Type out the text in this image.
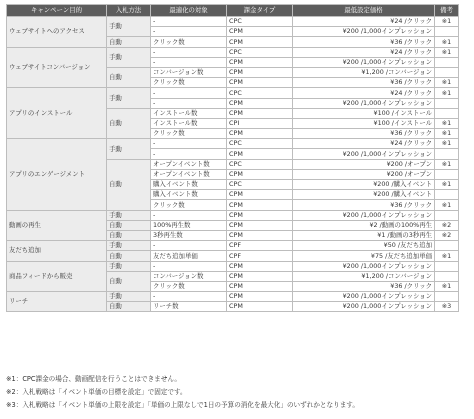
キャンペーン目的	入札方法	最適化の対象	課金タイプ	最低設定価格	備考
ウェブサイトへのアクセス	手動	-	CPC	¥24 /クリック	※1
		-	CPM	¥200 /1,000インプレッション	
	自動	クリック数	CPM	¥36 /クリック	※1
ウェブサイトコンバージョン	手動	-	CPC	¥24 /クリック	※1
		-	CPM	¥200 /1,000インプレッション	
	自動	コンバージョン数	CPM	¥1,200 /コンバージョン	
		クリック数	CPM	¥36 /クリック	※1
アプリのインストール	手動	-	CPC	¥24 /クリック	※1
		-	CPM	¥200 /1,000インプレッション	
	自動	インストール数	CPM	¥100 /インストール	
		インストール数	CPI	¥100 /インストール	※1
		クリック数	CPM	¥36 /クリック	※1
アプリのエンゲージメント	手動	-	CPC	¥24 /クリック	※1
		-	CPM	¥200 /1,000インプレッション	
	自動	オープンイベント数	CPC	¥200 /オープン	※1
		オープンイベント数	CPM	¥200 /オープン	
		購入イベント数	CPC	¥200 /購入イベント	※1
		購入イベント数	CPM	¥200 /購入イベント	
		クリック数	CPM	¥36 /クリック	※1
動画の再生	手動	-	CPM	¥200 /1,000インプレッション	
	自動	100%再生数	CPM	¥2 /動画の100%再生	※2
	自動	3秒再生数	CPM	¥1 /動画の3秒再生	※2
友だち追加	手動	-	CPF	¥50 /友だち追加	
	自動	友だち追加単価	CPF	¥75 /友だち追加単価	※1
商品フィードから販売	手動	-	CPM	¥200 /1,000インプレッション	
	自動	コンバージョン数	CPM	¥1,200 /コンバージョン	
		クリック数	CPM	¥36 /クリック	※1
リーチ	手動	-	CPM	¥200 /1,000インプレッション	
	自動	リーチ数	CPM	¥200 /1,000インプレッション	※3
※1：CPC課金の場合、動画配信を行うことはできません。
※2：入札戦略は「イベント単価の目標を設定」で固定です。
※3：入札戦略は「イベント単価の上限を設定」「単価の上限なしで1日の予算の消化を最大化」のいずれかとなります。
